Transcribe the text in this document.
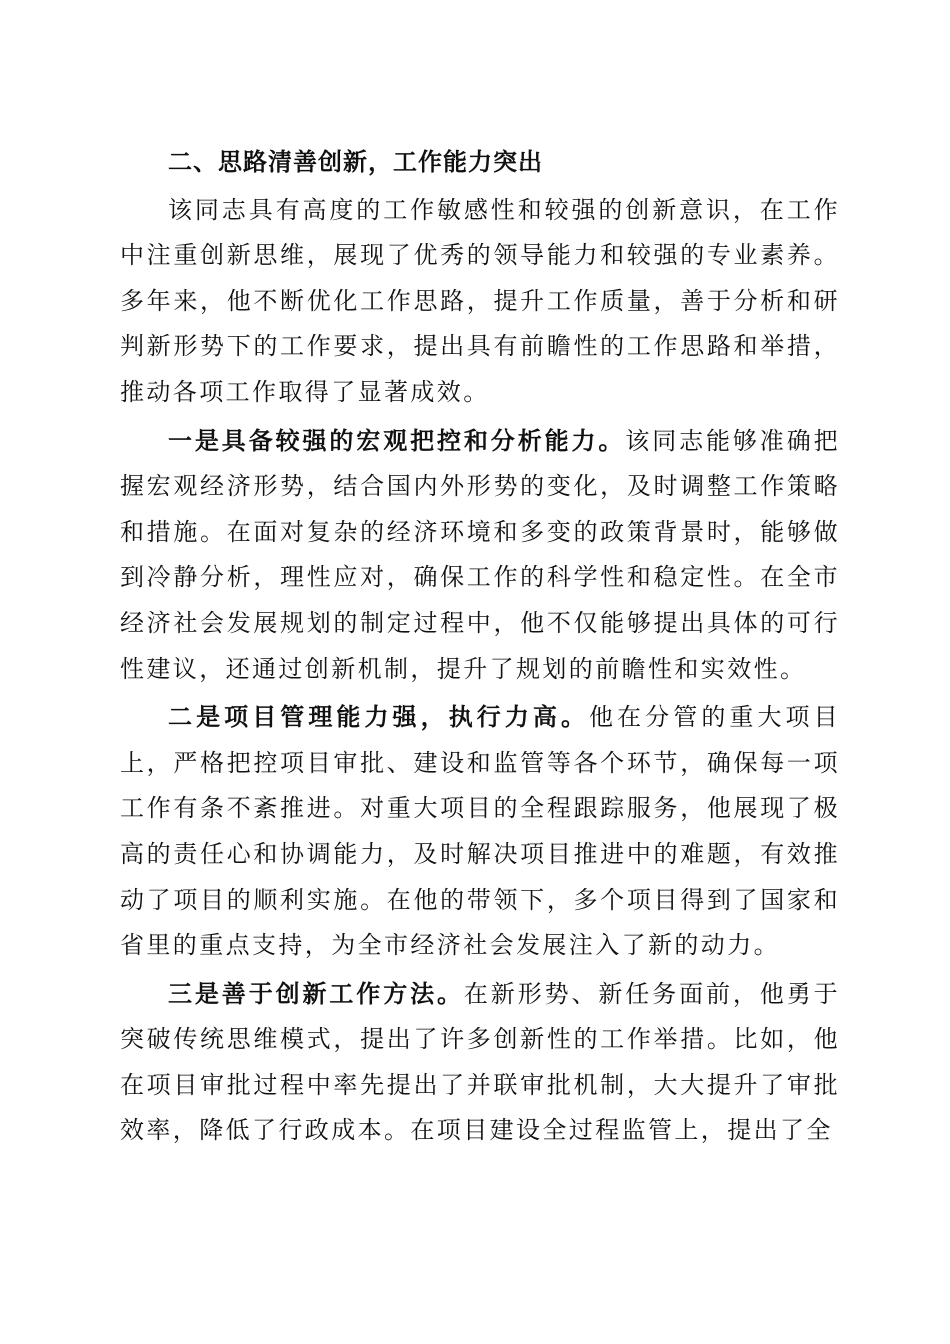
二、思路清善创新，工作能力突出

该同志具有高度的工作敏感性和较强的创新意识，在工作中注重创新思维，展现了优秀的领导能力和较强的专业素养。多年来，他不断优化工作思路，提升工作质量，善于分析和研判新形势下的工作要求，提出具有前瞻性的工作思路和举措，推动各项工作取得了显著成效。

一是具备较强的宏观把控和分析能力。该同志能够准确把握宏观经济形势，结合国内外形势的变化，及时调整工作策略和措施。在面对复杂的经济环境和多变的政策背景时，能够做到冷静分析，理性应对，确保工作的科学性和稳定性。在全市经济社会发展规划的制定过程中，他不仅能够提出具体的可行性建议，还通过创新机制，提升了规划的前瞻性和实效性。

二是项目管理能力强，执行力高。他在分管的重大项目上，严格把控项目审批、建设和监管等各个环节，确保每一项工作有条不紊推进。对重大项目的全程跟踪服务，他展现了极高的责任心和协调能力，及时解决项目推进中的难题，有效推动了项目的顺利实施。在他的带领下，多个项目得到了国家和省里的重点支持，为全市经济社会发展注入了新的动力。

三是善于创新工作方法。在新形势、新任务面前，他勇于突破传统思维模式，提出了许多创新性的工作举措。比如，他在项目审批过程中率先提出了并联审批机制，大大提升了审批效率，降低了行政成本。在项目建设全过程监管上，提出了全
